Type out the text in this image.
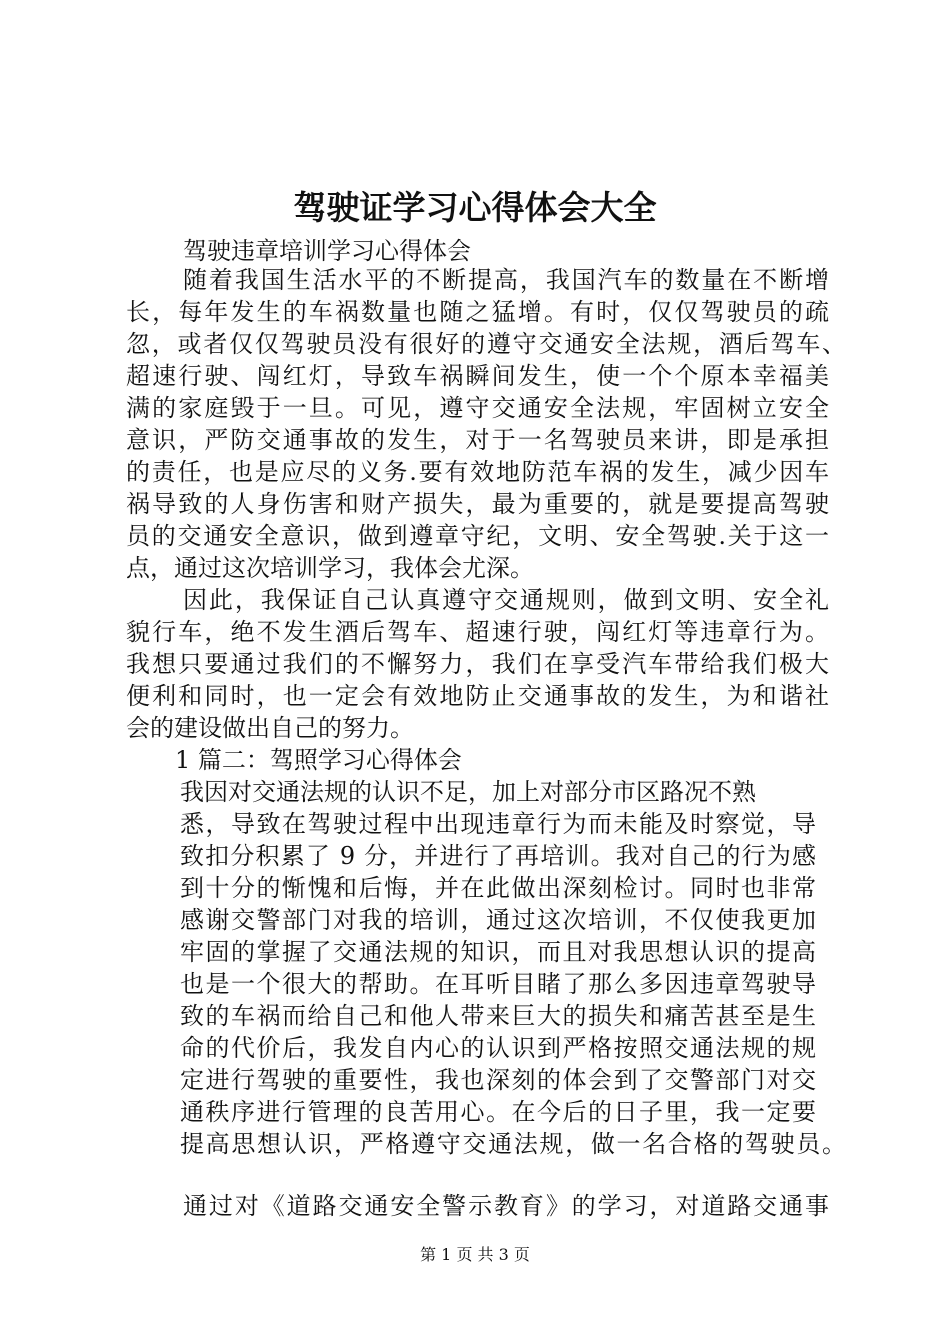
驾驶证学习心得体会大全

驾驶违章培训学习心得体会

随着我国生活水平的不断提高，我国汽车的数量在不断增

长，每年发生的车祸数量也随之猛增。有时，仅仅驾驶员的疏

忽，或者仅仅驾驶员没有很好的遵守交通安全法规，酒后驾车、

超速行驶、闯红灯，导致车祸瞬间发生，使一个个原本幸福美

满的家庭毁于一旦。可见，遵守交通安全法规，牢固树立安全

意识，严防交通事故的发生，对于一名驾驶员来讲，即是承担

的责任，也是应尽的义务.要有效地防范车祸的发生，减少因车

祸导致的人身伤害和财产损失，最为重要的，就是要提高驾驶

员的交通安全意识，做到遵章守纪，文明、安全驾驶.关于这一

点，通过这次培训学习，我体会尤深。

因此，我保证自己认真遵守交通规则，做到文明、安全礼

貌行车，绝不发生酒后驾车、超速行驶，闯红灯等违章行为。

我想只要通过我们的不懈努力，我们在享受汽车带给我们极大

便利和同时，也一定会有效地防止交通事故的发生，为和谐社

会的建设做出自己的努力。

1 篇二：驾照学习心得体会

我因对交通法规的认识不足，加上对部分市区路况不熟

悉，导致在驾驶过程中出现违章行为而未能及时察觉，导

致扣分积累了 9 分，并进行了再培训。我对自己的行为感

到十分的惭愧和后悔，并在此做出深刻检讨。同时也非常

感谢交警部门对我的培训，通过这次培训，不仅使我更加

牢固的掌握了交通法规的知识，而且对我思想认识的提高

也是一个很大的帮助。在耳听目睹了那么多因违章驾驶导

致的车祸而给自己和他人带来巨大的损失和痛苦甚至是生

命的代价后，我发自内心的认识到严格按照交通法规的规

定进行驾驶的重要性，我也深刻的体会到了交警部门对交

通秩序进行管理的良苦用心。在今后的日子里，我一定要

提高思想认识，严格遵守交通法规，做一名合格的驾驶员。

通过对《道路交通安全警示教育》的学习，对道路交通事

第 1 页 共 3 页
